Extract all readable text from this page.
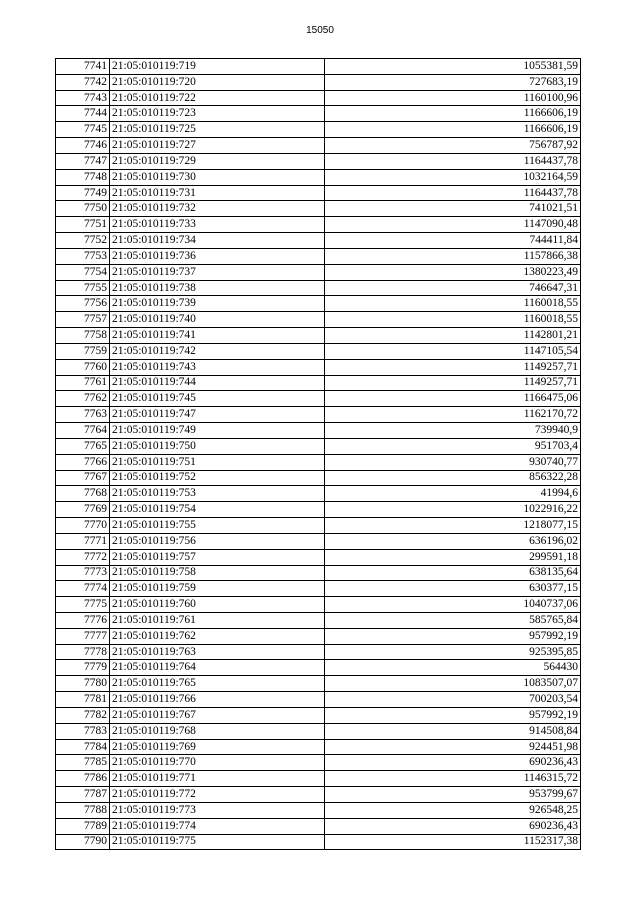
15050
7741	21:05:010119:719	1055381,59
7742	21:05:010119:720	727683,19
7743	21:05:010119:722	1160100,96
7744	21:05:010119:723	1166606,19
7745	21:05:010119:725	1166606,19
7746	21:05:010119:727	756787,92
7747	21:05:010119:729	1164437,78
7748	21:05:010119:730	1032164,59
7749	21:05:010119:731	1164437,78
7750	21:05:010119:732	741021,51
7751	21:05:010119:733	1147090,48
7752	21:05:010119:734	744411,84
7753	21:05:010119:736	1157866,38
7754	21:05:010119:737	1380223,49
7755	21:05:010119:738	746647,31
7756	21:05:010119:739	1160018,55
7757	21:05:010119:740	1160018,55
7758	21:05:010119:741	1142801,21
7759	21:05:010119:742	1147105,54
7760	21:05:010119:743	1149257,71
7761	21:05:010119:744	1149257,71
7762	21:05:010119:745	1166475,06
7763	21:05:010119:747	1162170,72
7764	21:05:010119:749	739940,9
7765	21:05:010119:750	951703,4
7766	21:05:010119:751	930740,77
7767	21:05:010119:752	856322,28
7768	21:05:010119:753	41994,6
7769	21:05:010119:754	1022916,22
7770	21:05:010119:755	1218077,15
7771	21:05:010119:756	636196,02
7772	21:05:010119:757	299591,18
7773	21:05:010119:758	638135,64
7774	21:05:010119:759	630377,15
7775	21:05:010119:760	1040737,06
7776	21:05:010119:761	585765,84
7777	21:05:010119:762	957992,19
7778	21:05:010119:763	925395,85
7779	21:05:010119:764	564430
7780	21:05:010119:765	1083507,07
7781	21:05:010119:766	700203,54
7782	21:05:010119:767	957992,19
7783	21:05:010119:768	914508,84
7784	21:05:010119:769	924451,98
7785	21:05:010119:770	690236,43
7786	21:05:010119:771	1146315,72
7787	21:05:010119:772	953799,67
7788	21:05:010119:773	926548,25
7789	21:05:010119:774	690236,43
7790	21:05:010119:775	1152317,38
